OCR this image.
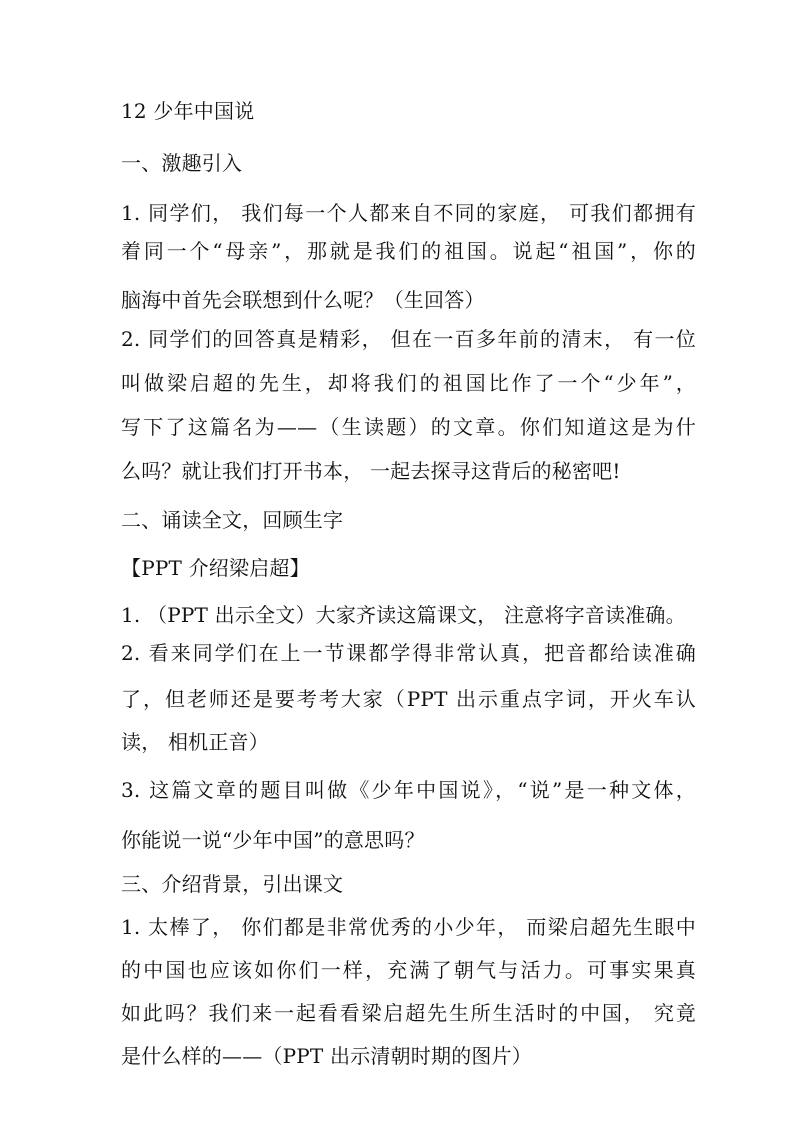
12 少年中国说
一、激趣引入
1. 同学们， 我们每一个人都来自不同的家庭， 可我们都拥有
着同一个“母亲”，那就是我们的祖国。说起“祖国”，你的
脑海中首先会联想到什么呢？（生回答）
2. 同学们的回答真是精彩， 但在一百多年前的清末， 有一位
叫做梁启超的先生，却将我们的祖国比作了一个“少年”，
写下了这篇名为——（生读题）的文章。你们知道这是为什
么吗？就让我们打开书本， 一起去探寻这背后的秘密吧!
二、诵读全文，回顾生字
【PPT 介绍梁启超】
1. （PPT 出示全文）大家齐读这篇课文， 注意将字音读准确。
2. 看来同学们在上一节课都学得非常认真，把音都给读准确
了，但老师还是要考考大家（PPT 出示重点字词，开火车认
读， 相机正音）
3. 这篇文章的题目叫做《少年中国说》，“说”是一种文体，
你能说一说“少年中国”的意思吗？
三、介绍背景，引出课文
1. 太棒了， 你们都是非常优秀的小少年， 而梁启超先生眼中
的中国也应该如你们一样，充满了朝气与活力。可事实果真
如此吗？我们来一起看看梁启超先生所生活时的中国， 究竟
是什么样的——（PPT 出示清朝时期的图片）
